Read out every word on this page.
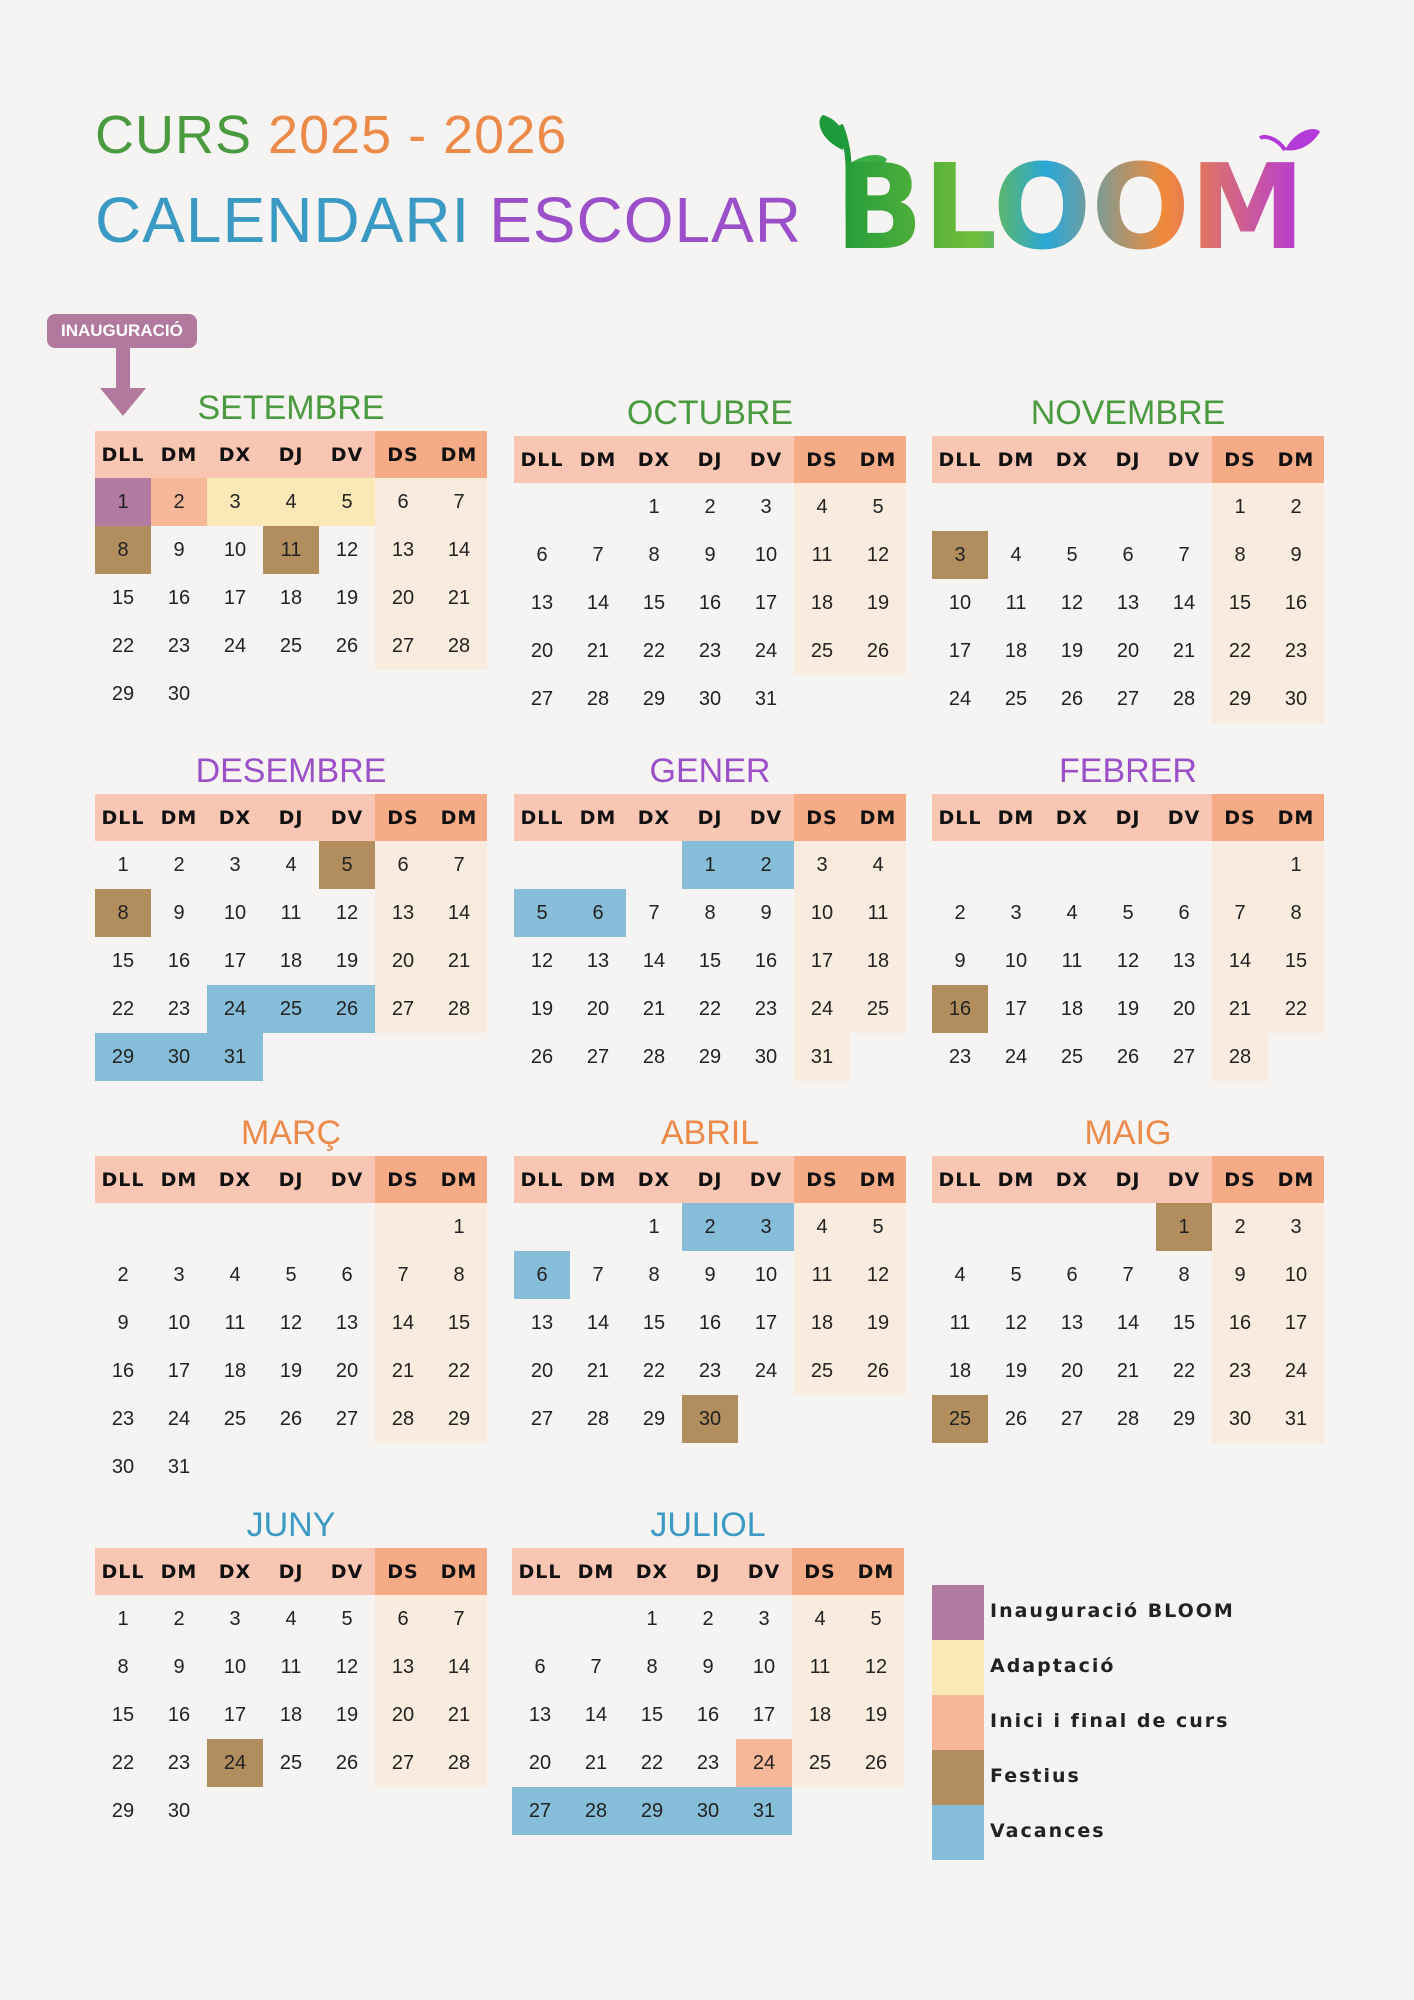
CURS 2025 - 2026
CALENDARI ESCOLAR BLOOM
INAUGURACIÓ
SETEMBRE
DLL	DM	DX	DJ	DV	DS	DM
1	2	3	4	5	6	7
8	9	10	11	12	13	14
15	16	17	18	19	20	21
22	23	24	25	26	27	28
29	30					
OCTUBRE
DLL	DM	DX	DJ	DV	DS	DM
		1	2	3	4	5
6	7	8	9	10	11	12
13	14	15	16	17	18	19
20	21	22	23	24	25	26
27	28	29	30	31		
NOVEMBRE
DLL	DM	DX	DJ	DV	DS	DM
					1	2
3	4	5	6	7	8	9
10	11	12	13	14	15	16
17	18	19	20	21	22	23
24	25	26	27	28	29	30
DESEMBRE
DLL	DM	DX	DJ	DV	DS	DM
1	2	3	4	5	6	7
8	9	10	11	12	13	14
15	16	17	18	19	20	21
22	23	24	25	26	27	28
29	30	31				
GENER
DLL	DM	DX	DJ	DV	DS	DM
			1	2	3	4
5	6	7	8	9	10	11
12	13	14	15	16	17	18
19	20	21	22	23	24	25
26	27	28	29	30	31	
FEBRER
DLL	DM	DX	DJ	DV	DS	DM
						1
2	3	4	5	6	7	8
9	10	11	12	13	14	15
16	17	18	19	20	21	22
23	24	25	26	27	28	
MARÇ
DLL	DM	DX	DJ	DV	DS	DM
						1
2	3	4	5	6	7	8
9	10	11	12	13	14	15
16	17	18	19	20	21	22
23	24	25	26	27	28	29
30	31					
ABRIL
DLL	DM	DX	DJ	DV	DS	DM
		1	2	3	4	5
6	7	8	9	10	11	12
13	14	15	16	17	18	19
20	21	22	23	24	25	26
27	28	29	30			
MAIG
DLL	DM	DX	DJ	DV	DS	DM
				1	2	3
4	5	6	7	8	9	10
11	12	13	14	15	16	17
18	19	20	21	22	23	24
25	26	27	28	29	30	31
JUNY
DLL	DM	DX	DJ	DV	DS	DM
1	2	3	4	5	6	7
8	9	10	11	12	13	14
15	16	17	18	19	20	21
22	23	24	25	26	27	28
29	30					
JULIOL
DLL	DM	DX	DJ	DV	DS	DM
		1	2	3	4	5
6	7	8	9	10	11	12
13	14	15	16	17	18	19
20	21	22	23	24	25	26
27	28	29	30	31		
Inauguració BLOOM
Adaptació
Inici i final de curs
Festius
Vacances
